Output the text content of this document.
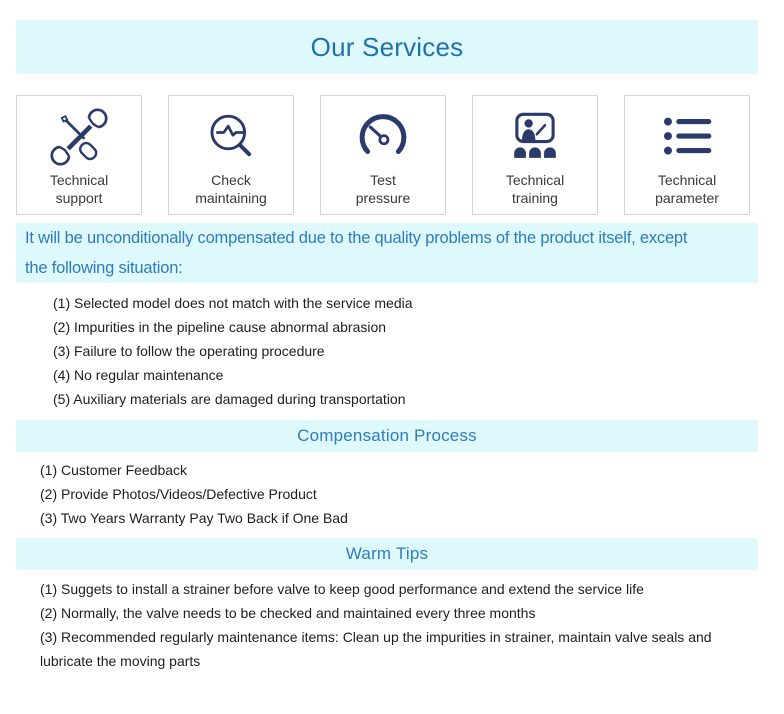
Our Services
Technical
support
Check
maintaining
Test
pressure
Technical
training
Technical
parameter
It will be unconditionally compensated due to the quality problems of the product itself, except
the following situation:
(1) Selected model does not match with the service media
(2) Impurities in the pipeline cause abnormal abrasion
(3) Failure to follow the operating procedure
(4) No regular maintenance
(5) Auxiliary materials are damaged during transportation
Compensation Process
(1) Customer Feedback
(2) Provide Photos/Videos/Defective Product
(3) Two Years Warranty Pay Two Back if One Bad
Warm Tips
(1) Suggets to install a strainer before valve to keep good performance and extend the service life
(2) Normally, the valve needs to be checked and maintained every three months
(3) Recommended regularly maintenance items: Clean up the impurities in strainer, maintain valve seals and lubricate the moving parts
